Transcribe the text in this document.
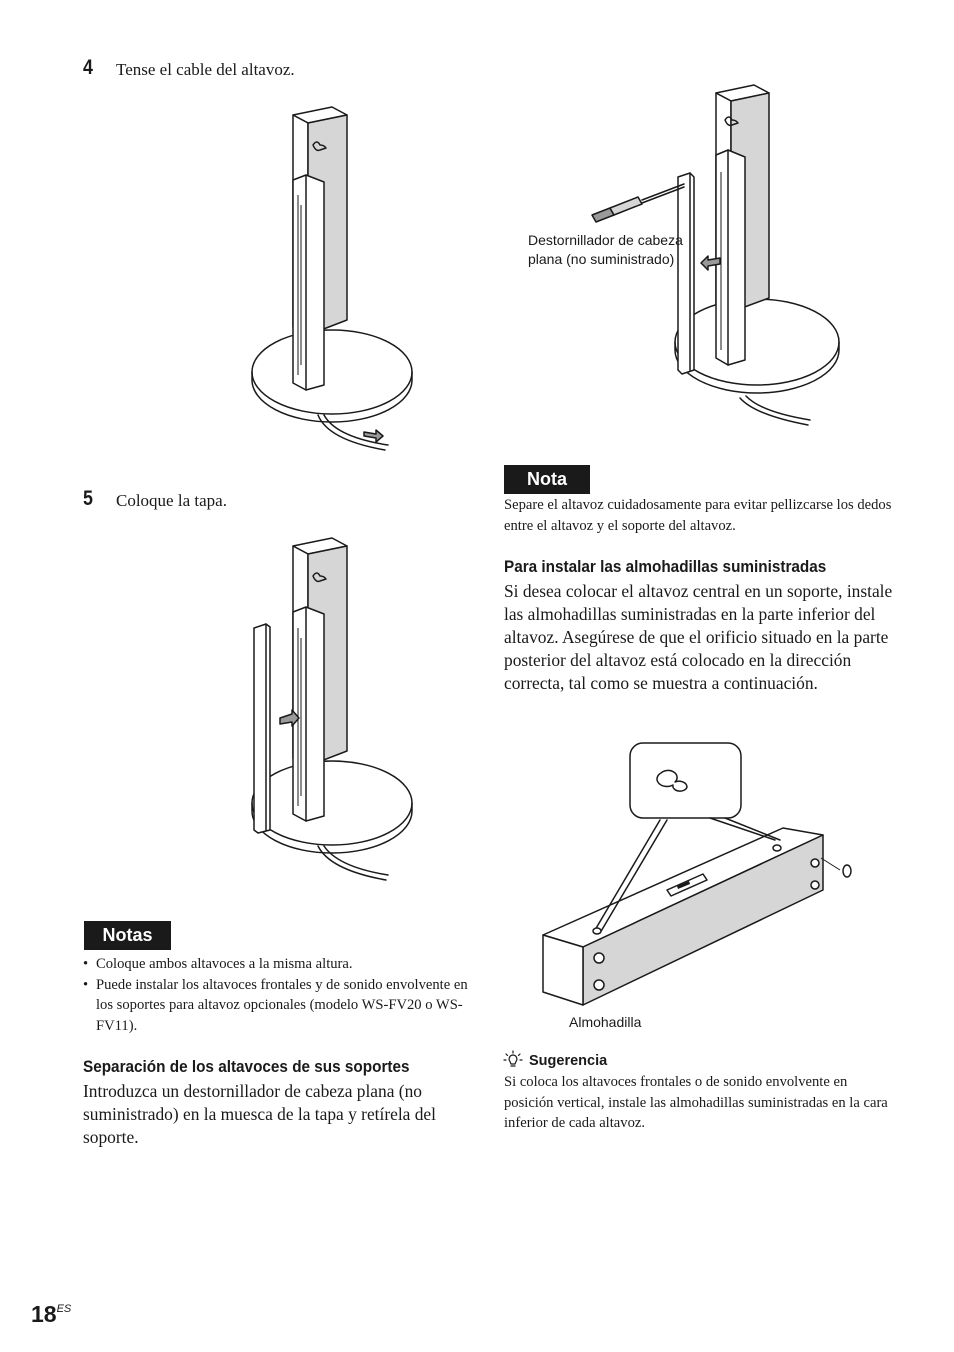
4 Tense el cable del altavoz.
5 Coloque la tapa.
Notas
• Coloque ambos altavoces a la misma altura.
• Puede instalar los altavoces frontales y de sonido envolvente en los soportes para altavoz opcionales (modelo WS-FV20 o WS-FV11).
Separación de los altavoces de sus soportes
Introduzca un destornillador de cabeza plana (no suministrado) en la muesca de la tapa y retírela del soporte.
Destornillador de cabeza plana (no suministrado)
Nota
Separe el altavoz cuidadosamente para evitar pellizcarse los dedos entre el altavoz y el soporte del altavoz.
Para instalar las almohadillas suministradas
Si desea colocar el altavoz central en un soporte, instale las almohadillas suministradas en la parte inferior del altavoz. Asegúrese de que el orificio situado en la parte posterior del altavoz está colocado en la dirección correcta, tal como se muestra a continuación.
Almohadilla
Sugerencia
Si coloca los altavoces frontales o de sonido envolvente en posición vertical, instale las almohadillas suministradas en la cara inferior de cada altavoz.
$18^{ES}$
